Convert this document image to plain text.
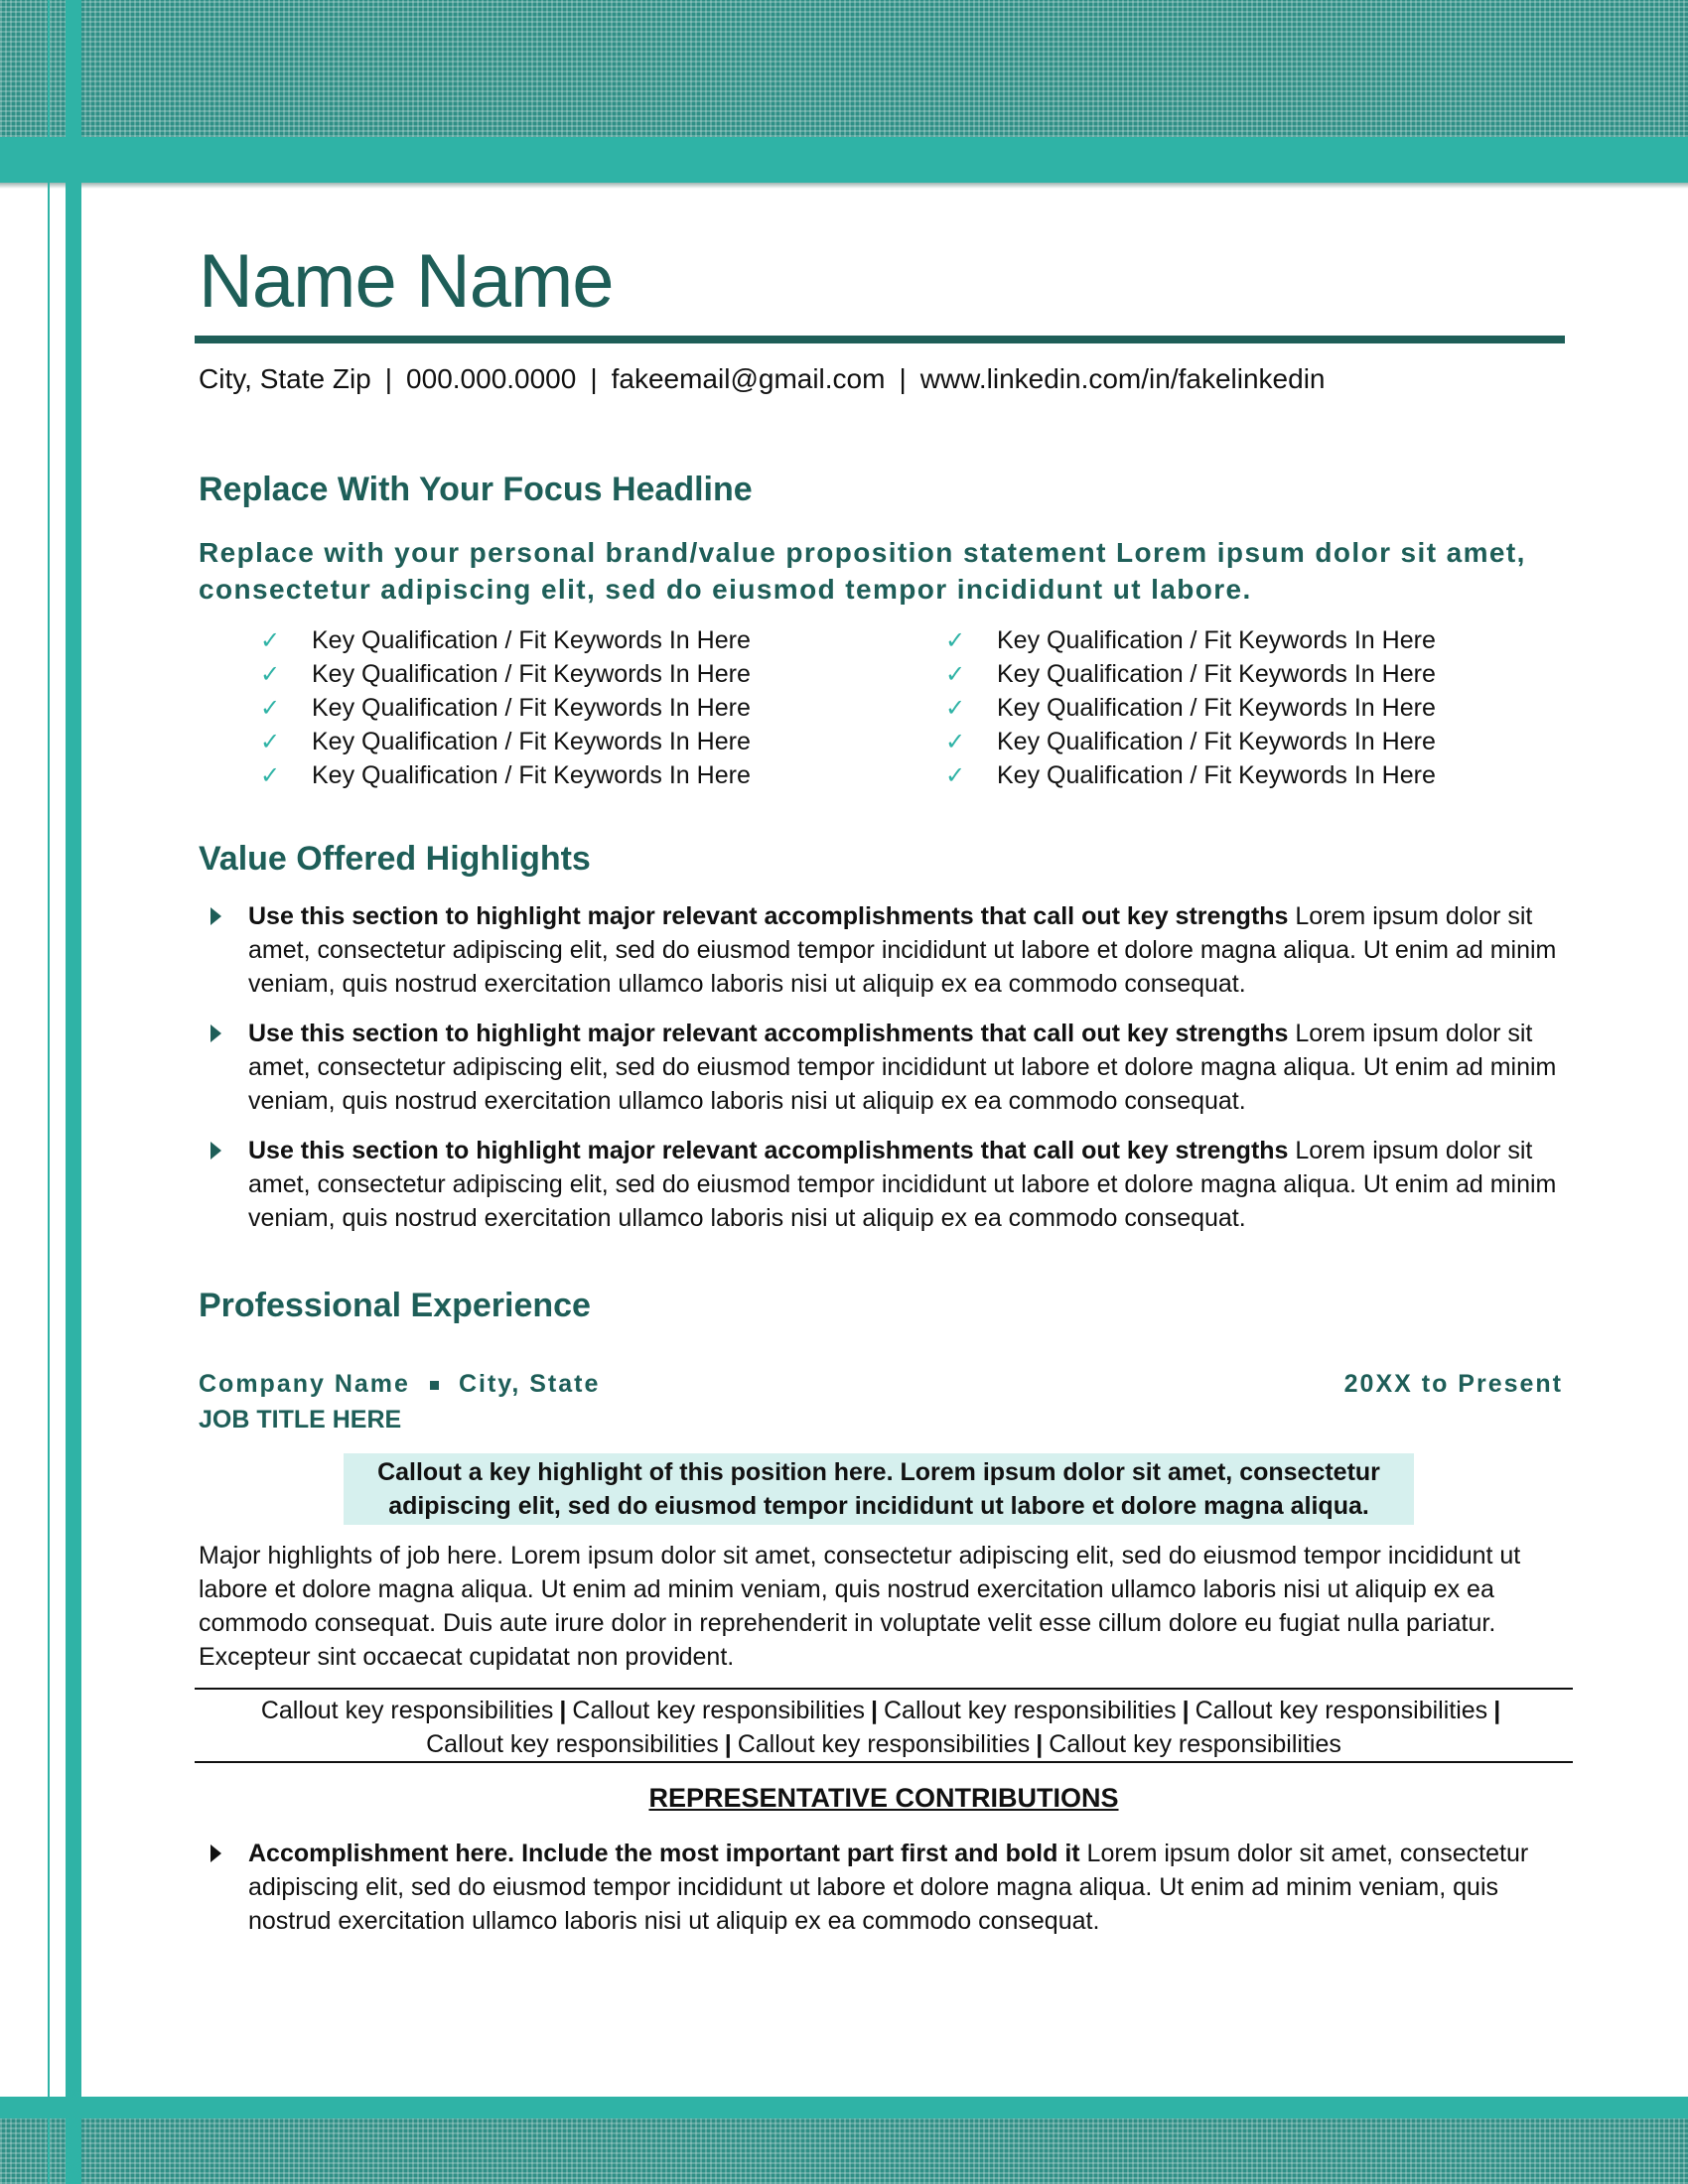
Name Name
City, State Zip | 000.000.0000 | fakeemail@gmail.com | www.linkedin.com/in/fakelinkedin
Replace With Your Focus Headline

Replace with your personal brand/value proposition statement Lorem ipsum dolor sit amet, consectetur adipiscing elit, sed do eiusmod tempor incididunt ut labore.

✓ Key Qualification / Fit Keywords In Here
✓ Key Qualification / Fit Keywords In Here
✓ Key Qualification / Fit Keywords In Here
✓ Key Qualification / Fit Keywords In Here
✓ Key Qualification / Fit Keywords In Here
✓ Key Qualification / Fit Keywords In Here
✓ Key Qualification / Fit Keywords In Here
✓ Key Qualification / Fit Keywords In Here
✓ Key Qualification / Fit Keywords In Here
✓ Key Qualification / Fit Keywords In Here
Value Offered Highlights
Use this section to highlight major relevant accomplishments that call out key strengths Lorem ipsum dolor sit amet, consectetur adipiscing elit, sed do eiusmod tempor incididunt ut labore et dolore magna aliqua. Ut enim ad minim veniam, quis nostrud exercitation ullamco laboris nisi ut aliquip ex ea commodo consequat.
Use this section to highlight major relevant accomplishments that call out key strengths Lorem ipsum dolor sit amet, consectetur adipiscing elit, sed do eiusmod tempor incididunt ut labore et dolore magna aliqua. Ut enim ad minim veniam, quis nostrud exercitation ullamco laboris nisi ut aliquip ex ea commodo consequat.
Use this section to highlight major relevant accomplishments that call out key strengths Lorem ipsum dolor sit amet, consectetur adipiscing elit, sed do eiusmod tempor incididunt ut labore et dolore magna aliqua. Ut enim ad minim veniam, quis nostrud exercitation ullamco laboris nisi ut aliquip ex ea commodo consequat.
Professional Experience
Company Name City, State	20XX to Present
JOB TITLE HERE
Callout a key highlight of this position here. Lorem ipsum dolor sit amet, consectetur
adipiscing elit, sed do eiusmod tempor incididunt ut labore et dolore magna aliqua.

Major highlights of job here. Lorem ipsum dolor sit amet, consectetur adipiscing elit, sed do eiusmod tempor incididunt ut labore et dolore magna aliqua. Ut enim ad minim veniam, quis nostrud exercitation ullamco laboris nisi ut aliquip ex ea commodo consequat. Duis aute irure dolor in reprehenderit in voluptate velit esse cillum dolore eu fugiat nulla pariatur. Excepteur sint occaecat cupidatat non provident.

Callout key responsibilities | Callout key responsibilities | Callout key responsibilities | Callout key responsibilities |
Callout key responsibilities | Callout key responsibilities | Callout key responsibilities
REPRESENTATIVE CONTRIBUTIONS
Accomplishment here. Include the most important part first and bold it Lorem ipsum dolor sit amet, consectetur adipiscing elit, sed do eiusmod tempor incididunt ut labore et dolore magna aliqua. Ut enim ad minim veniam, quis nostrud exercitation ullamco laboris nisi ut aliquip ex ea commodo consequat.
